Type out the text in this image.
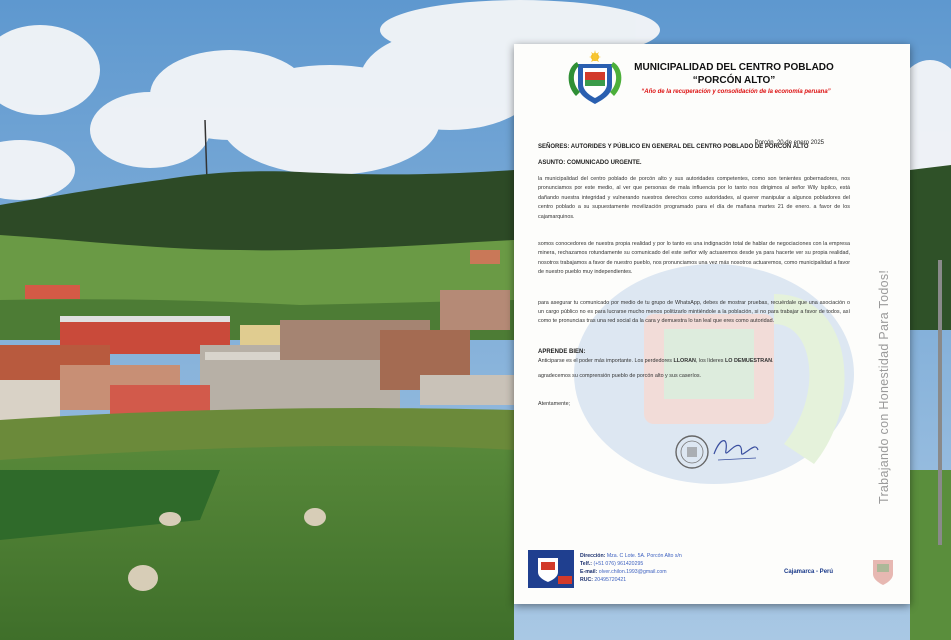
Trabajando con Honestidad Para Todos!
MUNICIPALIDAD DEL CENTRO POBLADO
“PORCÓN ALTO”
“Año de la recuperación y consolidación de la economía peruana”
Porcón, 20 de enero 2025
SEÑORES: AUTORIDES Y PÚBLICO EN GENERAL DEL CENTRO POBLADO DE PORCÓN ALTO
ASUNTO: COMUNICADO URGENTE.

la municipalidad del centro poblado de porcón alto y sus autoridades competentes, como son tenientes gobernadores, nos pronunciamos por este medio, al ver que personas de mala influencia por lo tanto nos dirigimos al señor Wily Ispilco, está dañando nuestra integridad y vulnerando nuestros derechos como autoridades, al querer manipular a algunos pobladores del centro poblado a su supuestamente movilización programado para el día de mañana martes 21 de enero. a favor de los cajamarquinos.

somos conocedores de nuestra propia realidad y por lo tanto es una indignación total de hablar de negociaciones con la empresa minera, rechazamos rotundamente su comunicado del este señor wily actuaremos desde ya para hacerte ver su propia realidad, nosotros trabajamos a favor de nuestro pueblo, nos pronunciamos una vez más nosotros actuaremos, como municipalidad a favor de nuestro pueblo muy independientes.

para asegurar tu comunicado por medio de tu grupo de WhatsApp, debes de mostrar pruebas, recuérdale que una asociación o un cargo público no es para lucrarse mucho menos politizarlo mintiéndole a la población, si no para trabajar a favor de todos, así como te pronuncias tras una red social da la cara y demuestra lo tan leal que eres como autoridad.

APRENDE BIEN:

Anticiparse es el poder más importante. Los perdedores LLORAN, los líderes LO DEMUESTRAN.

agradecemos su comprensión pueblo de porcón alto y sus caseríos.

Atentamente;

Dirección: Mza. C Lote. 5A. Porcón Alto s/n
Telf.: (+51 076) 961420295
E-mail: olver.chilon.1993@gmail.com
RUC: 20495720421
Cajamarca - Perú
